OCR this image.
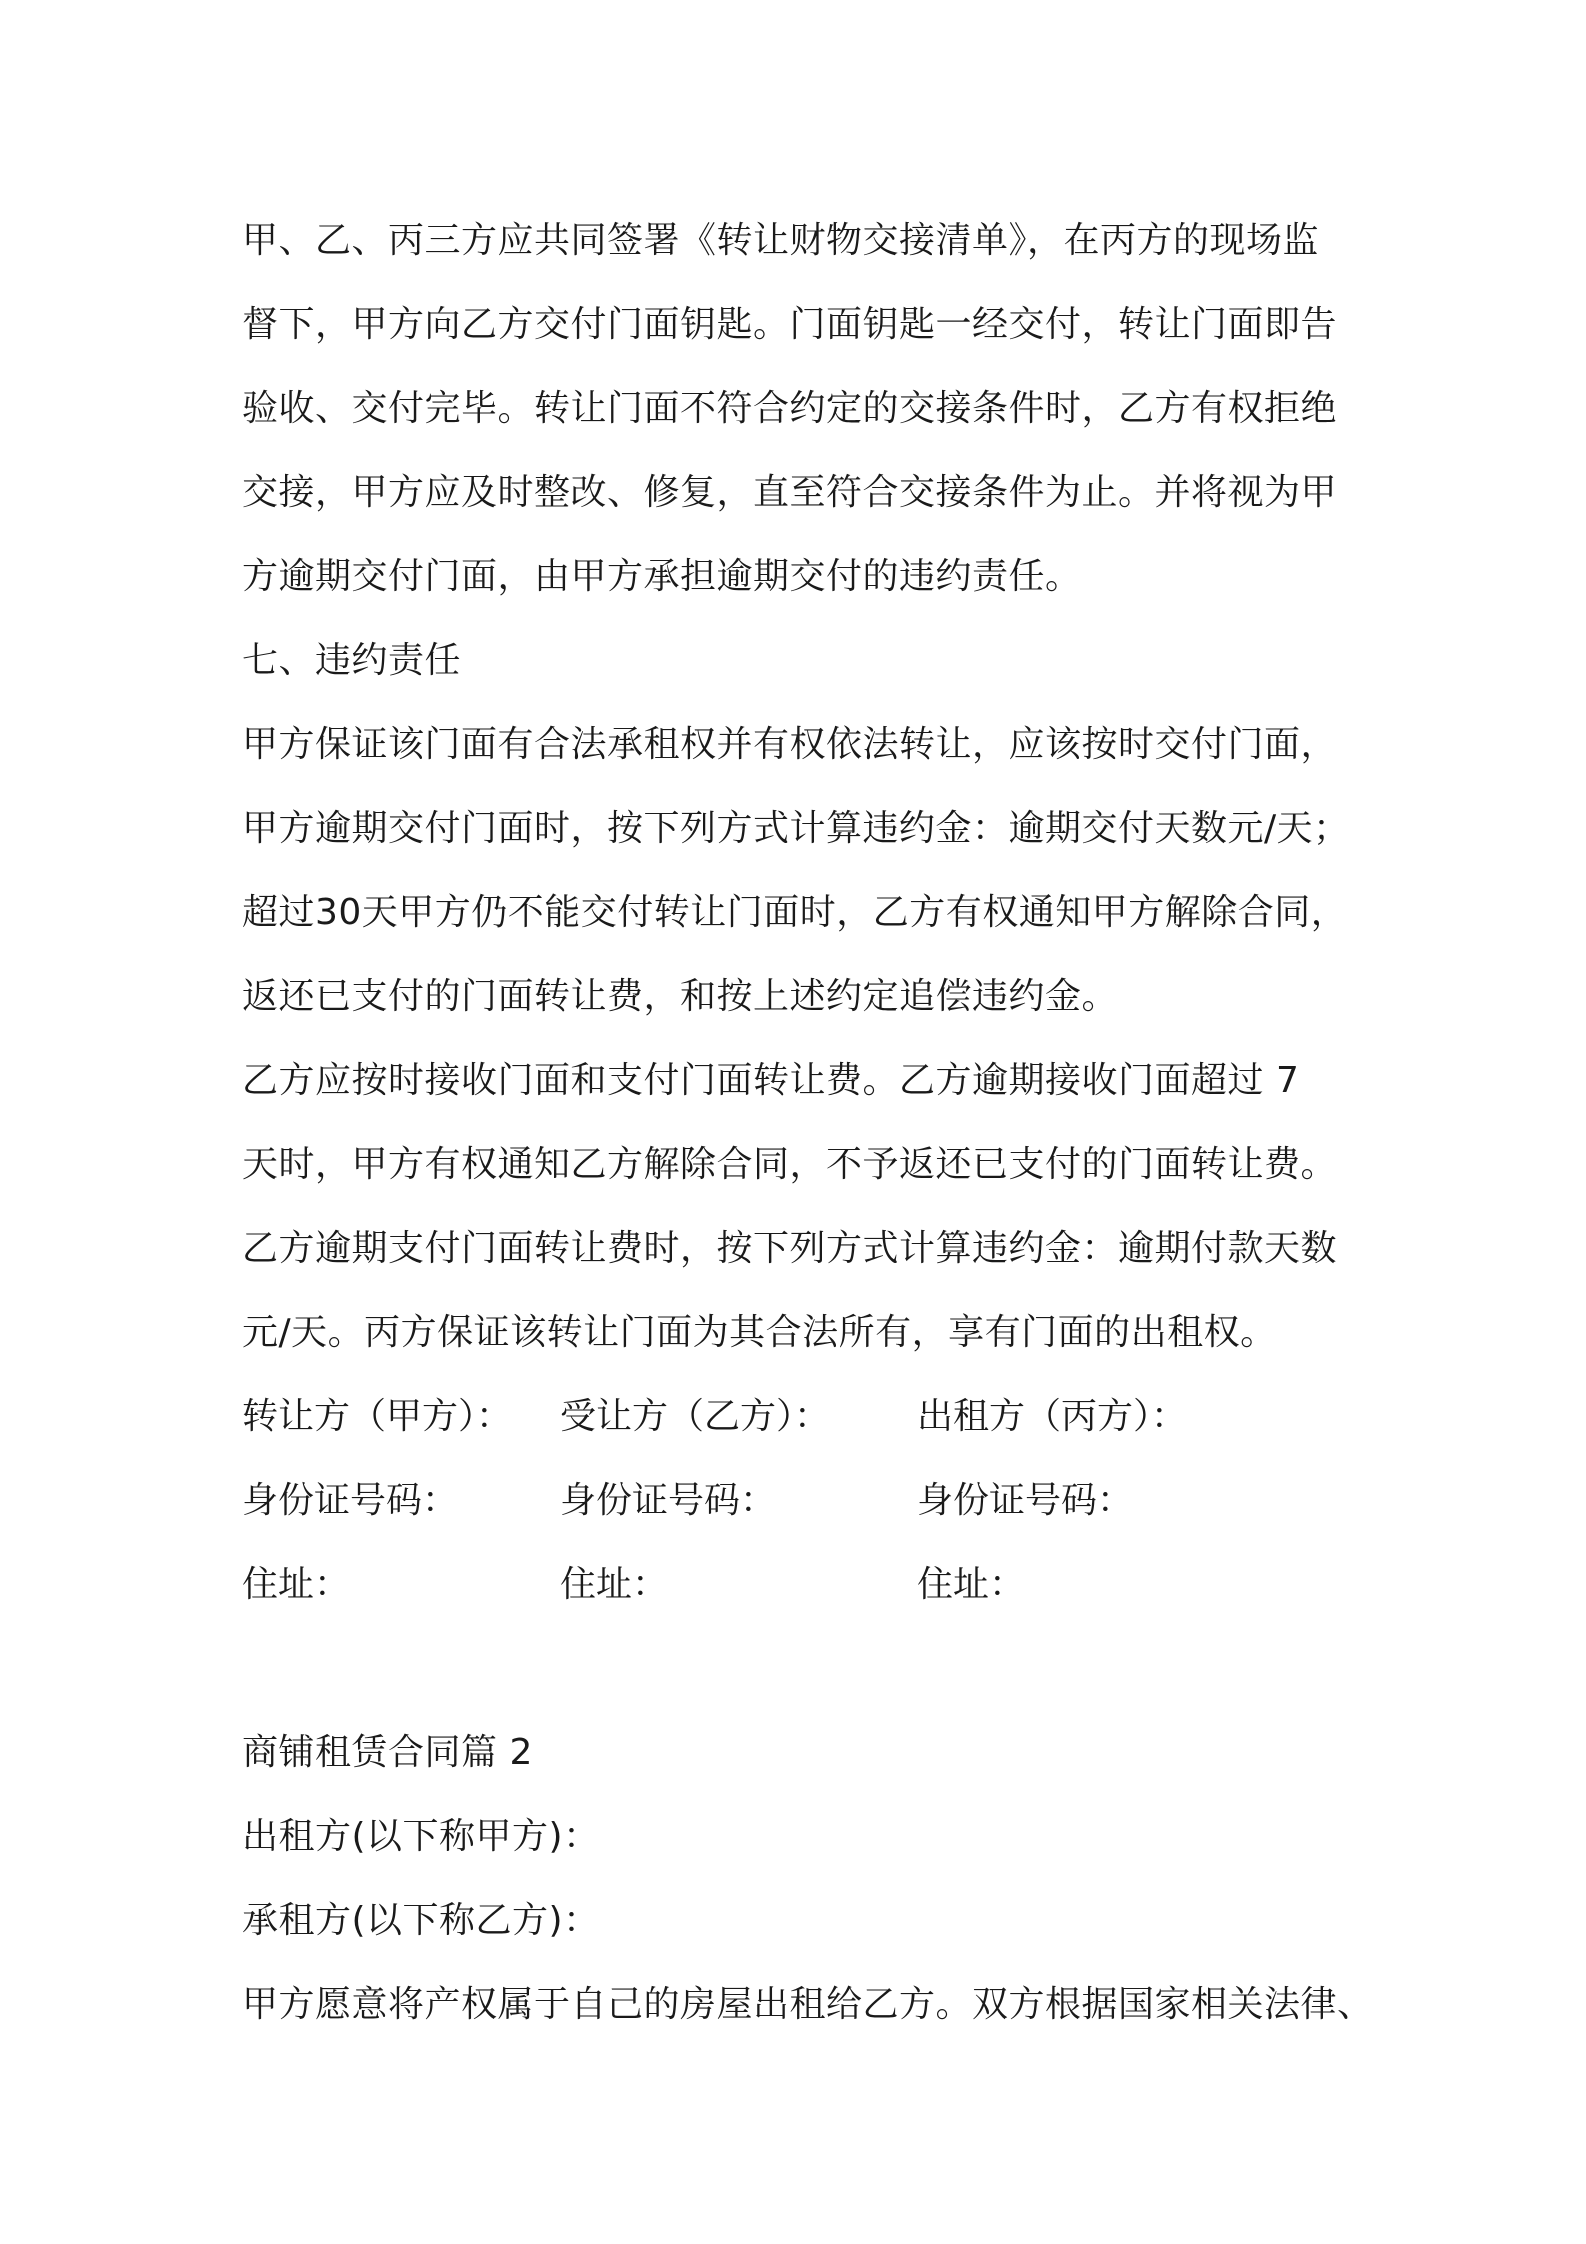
甲、乙、丙三方应共同签署《转让财物交接清单》，在丙方的现场监
督下，甲方向乙方交付门面钥匙。门面钥匙一经交付，转让门面即告
验收、交付完毕。转让门面不符合约定的交接条件时，乙方有权拒绝
交接，甲方应及时整改、修复，直至符合交接条件为止。并将视为甲
方逾期交付门面，由甲方承担逾期交付的违约责任。
七、违约责任
甲方保证该门面有合法承租权并有权依法转让，应该按时交付门面，
甲方逾期交付门面时，按下列方式计算违约金：逾期交付天数元/天；
超过30天甲方仍不能交付转让门面时，乙方有权通知甲方解除合同，
返还已支付的门面转让费，和按上述约定追偿违约金。
乙方应按时接收门面和支付门面转让费。乙方逾期接收门面超过 7
天时，甲方有权通知乙方解除合同，不予返还已支付的门面转让费。
乙方逾期支付门面转让费时，按下列方式计算违约金：逾期付款天数
元/天。丙方保证该转让门面为其合法所有，享有门面的出租权。
转让方（甲方）： 受让方（乙方）： 出租方（丙方）：
身份证号码：	身份证号码：	身份证号码：
住址：	住址：	住址：
商铺租赁合同篇 2
出租方(以下称甲方)：
承租方(以下称乙方)：
甲方愿意将产权属于自己的房屋出租给乙方。双方根据国家相关法律、
